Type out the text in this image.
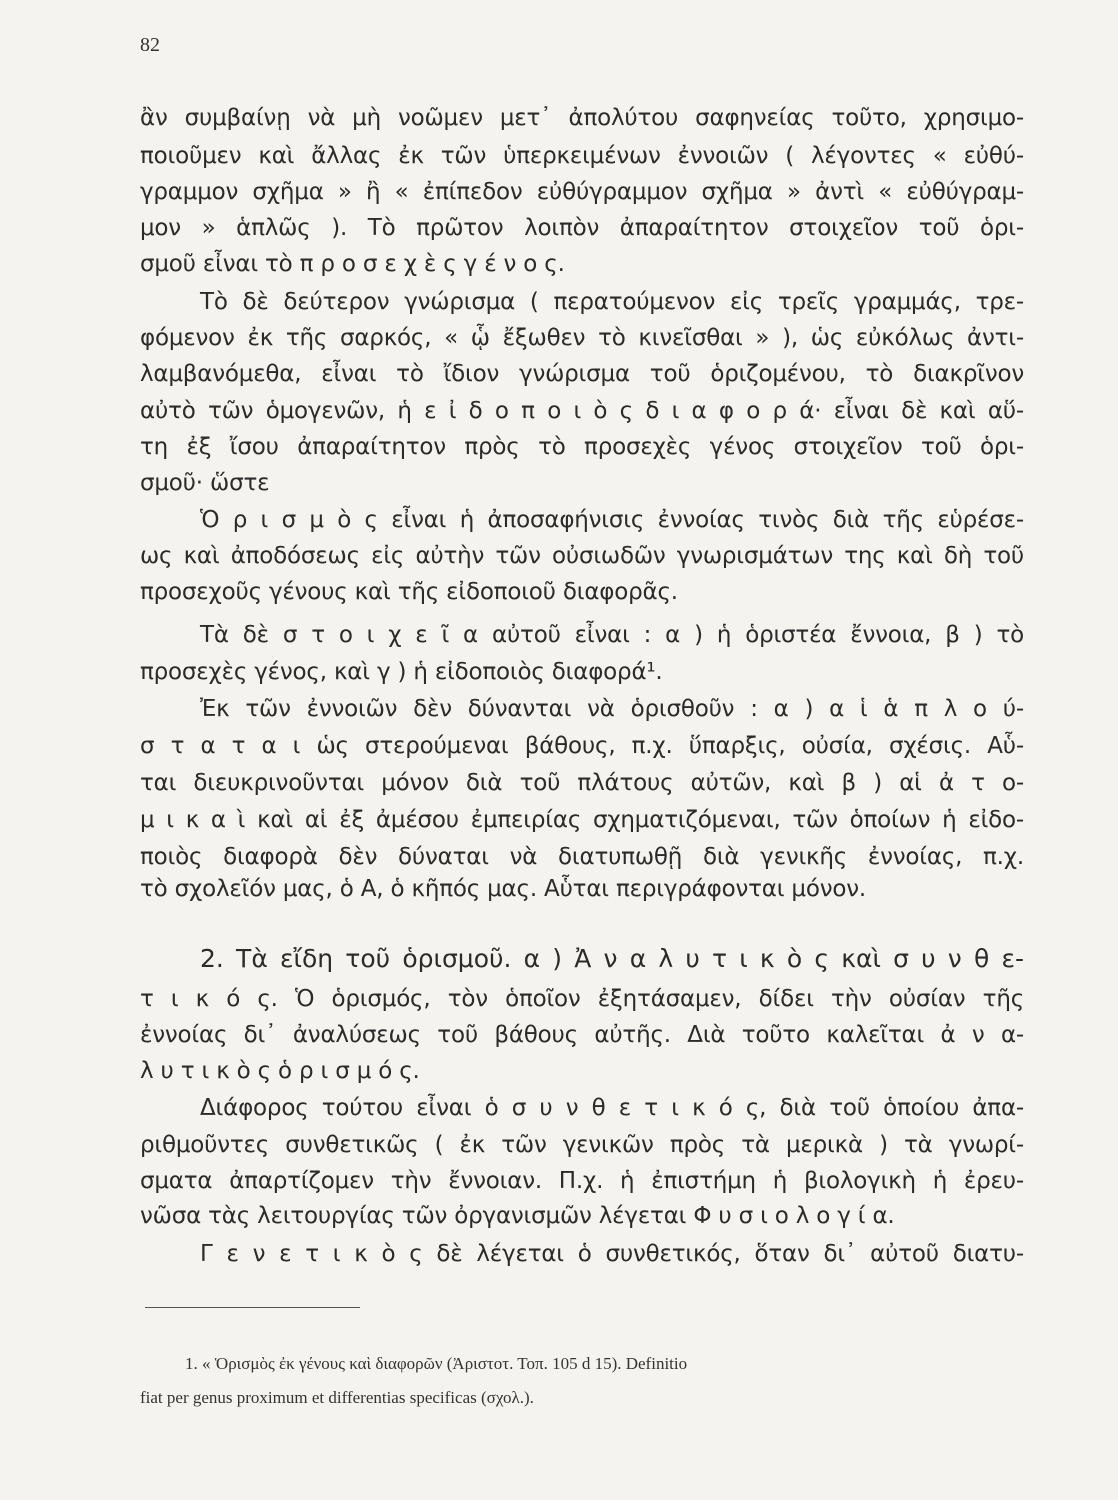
82
ἂν συμβαίνῃ νὰ μὴ νοῶμεν μετ᾽ ἀπολύτου σαφηνείας τοῦτο, χρησιμο-
ποιοῦμεν καὶ ἄλλας ἐκ τῶν ὑπερκειμένων ἐννοιῶν ( λέγοντες « εὐθύ-
γραμμον σχῆμα » ἢ « ἐπίπεδον εὐθύγραμμον σχῆμα » ἀντὶ « εὐθύγραμ-
μον » ἁπλῶς ). Τὸ πρῶτον λοιπὸν ἀπαραίτητον στοιχεῖον τοῦ ὁρι-
σμοῦ εἶναι τὸ π ρ ο σ ε χ ὲ ς γ έ ν ο ς.
Τὸ δὲ δεύτερον γνώρισμα ( περατούμενον εἰς τρεῖς γραμμάς, τρε-
φόμενον ἐκ τῆς σαρκός, « ᾧ ἔξωθεν τὸ κινεῖσθαι » ), ὡς εὐκόλως ἀντι-
λαμβανόμεθα, εἶναι τὸ ἴδιον γνώρισμα τοῦ ὁριζομένου, τὸ διακρῖνον
αὐτὸ τῶν ὁμογενῶν, ἡ ε ἰ δ ο π ο ι ὸ ς δ ι α φ ο ρ ά· εἶναι δὲ καὶ αὕ-
τη ἐξ ἴσου ἀπαραίτητον πρὸς τὸ προσεχὲς γένος στοιχεῖον τοῦ ὁρι-
σμοῦ· ὥστε
Ὁ ρ ι σ μ ὸ ς εἶναι ἡ ἀποσαφήνισις ἐννοίας τινὸς διὰ τῆς εὑρέσε-
ως καὶ ἀποδόσεως εἰς αὐτὴν τῶν οὐσιωδῶν γνωρισμάτων της καὶ δὴ τοῦ
προσεχοῦς γένους καὶ τῆς εἰδοποιοῦ διαφορᾶς.
Τὰ δὲ σ τ ο ι χ ε ῖ α αὐτοῦ εἶναι : α ) ἡ ὁριστέα ἔννοια, β ) τὸ
προσεχὲς γένος, καὶ γ ) ἡ εἰδοποιὸς διαφορά¹.
Ἐκ τῶν ἐννοιῶν δὲν δύνανται νὰ ὁρισθοῦν : α ) α ἱ ἁ π λ ο ύ-
σ τ α τ α ι ὡς στερούμεναι βάθους, π.χ. ὕπαρξις, οὐσία, σχέσις. Αὗ-
ται διευκρινοῦνται μόνον διὰ τοῦ πλάτους αὐτῶν, καὶ β ) αἱ ἀ τ ο-
μ ι κ α ὶ καὶ αἱ ἐξ ἀμέσου ἐμπειρίας σχηματιζόμεναι, τῶν ὁποίων ἡ εἰδο-
ποιὸς διαφορὰ δὲν δύναται νὰ διατυπωθῇ διὰ γενικῆς ἐννοίας, π.χ.
τὸ σχολεῖόν μας, ὁ Α, ὁ κῆπός μας. Αὗται περιγράφονται μόνον.
2. Τὰ εἴδη τοῦ ὁρισμοῦ. α ) Ἀ ν α λ υ τ ι κ ὸ ς καὶ σ υ ν θ ε-
τ ι κ ό ς. Ὁ ὁρισμός, τὸν ὁποῖον ἐξητάσαμεν, δίδει τὴν οὐσίαν τῆς
ἐννοίας δι᾽ ἀναλύσεως τοῦ βάθους αὐτῆς. Διὰ τοῦτο καλεῖται ἀ ν α-
λ υ τ ι κ ὸ ς ὁ ρ ι σ μ ό ς.
Διάφορος τούτου εἶναι ὁ σ υ ν θ ε τ ι κ ό ς, διὰ τοῦ ὁποίου ἀπα-
ριθμοῦντες συνθετικῶς ( ἐκ τῶν γενικῶν πρὸς τὰ μερικὰ ) τὰ γνωρί-
σματα ἀπαρτίζομεν τὴν ἔννοιαν. Π.χ. ἡ ἐπιστήμη ἡ βιολογικὴ ἡ ἐρευ-
νῶσα τὰς λειτουργίας τῶν ὀργανισμῶν λέγεται Φ υ σ ι ο λ ο γ ί α.
Γ ε ν ε τ ι κ ὸ ς δὲ λέγεται ὁ συνθετικός, ὅταν δι᾽ αὐτοῦ διατυ-
1. « Ὁρισμὸς ἐκ γένους καὶ διαφορῶν (Ἀριστοτ. Τοπ. 105 d 15). Definitio
fiat per genus proximum et differentias specificas (σχολ.).
